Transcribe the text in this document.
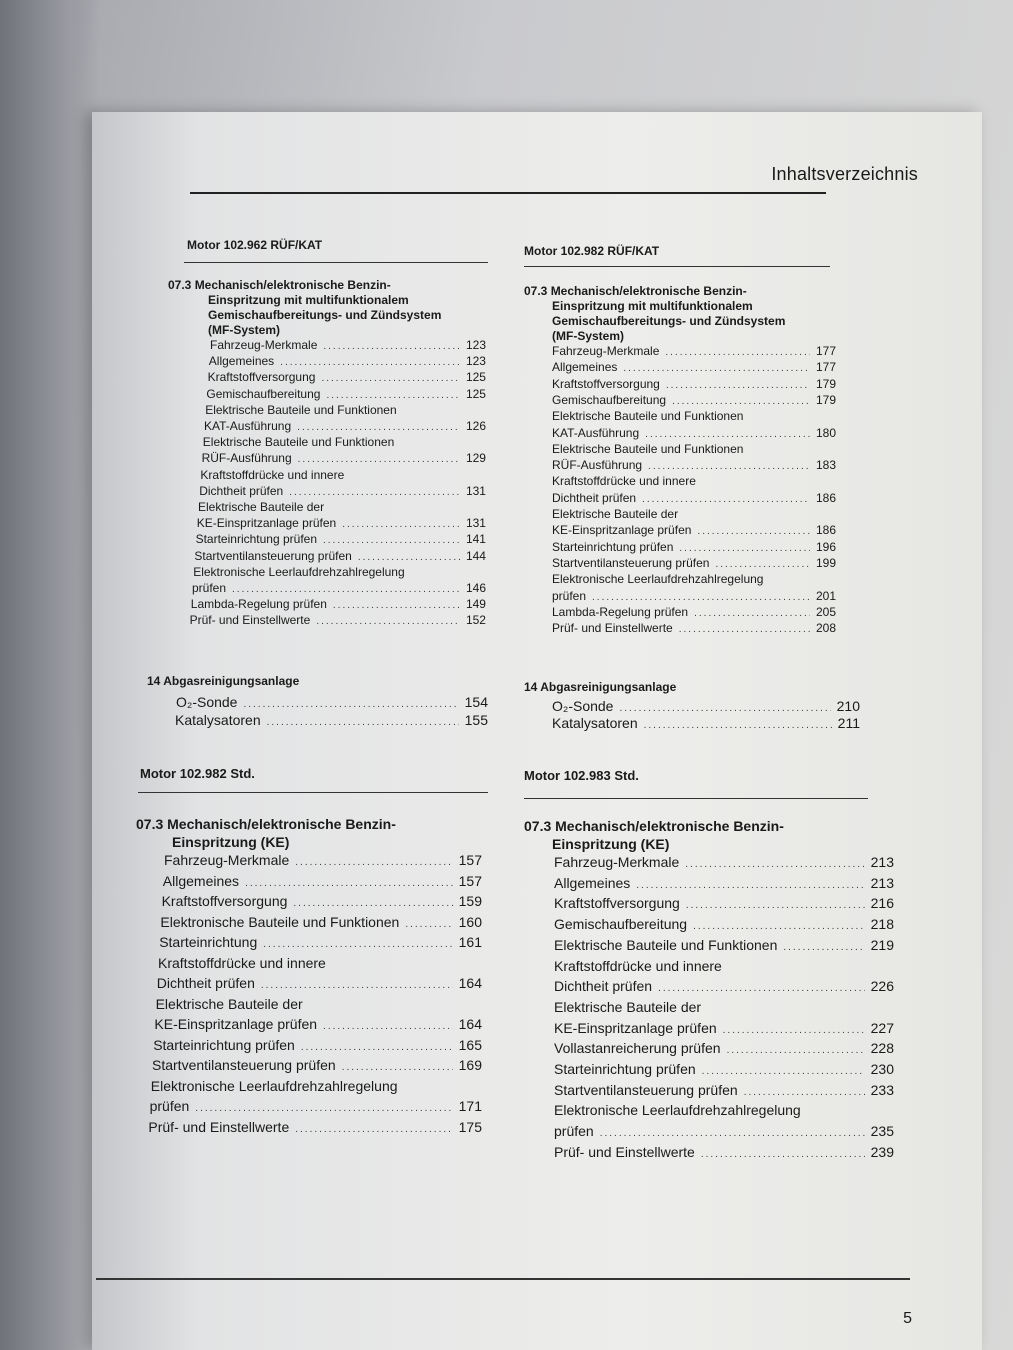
Inhaltsverzeichnis
Motor 102.962 RÜF/KAT
07.3 Mechanisch/elektronische Benzin-
Einspritzung mit multifunktionalem
Gemischaufbereitungs- und Zündsystem
(MF-System)
Fahrzeug-Merkmale .....	123
Allgemeines .....	123
Kraftstoffversorgung .....	125
Gemischaufbereitung .....	125
Elektrische Bauteile und Funktionen
KAT-Ausführung .....	126
Elektrische Bauteile und Funktionen
RÜF-Ausführung .....	129
Kraftstoffdrücke und innere
Dichtheit prüfen .....	131
Elektrische Bauteile der
KE-Einspritzanlage prüfen .....	131
Starteinrichtung prüfen .....	141
Startventilansteuerung prüfen .....	144
Elektronische Leerlaufdrehzahlregelung
prüfen .....	146
Lambda-Regelung prüfen .....	149
Prüf- und Einstellwerte .....	152
14 Abgasreinigungsanlage
O₂-Sonde .....	154
Katalysatoren .....	155
Motor 102.982 Std.
07.3 Mechanisch/elektronische Benzin-
Einspritzung (KE)
Fahrzeug-Merkmale .....	157
Allgemeines .....	157
Kraftstoffversorgung .....	159
Elektronische Bauteile und Funktionen .....	160
Starteinrichtung .....	161
Kraftstoffdrücke und innere
Dichtheit prüfen .....	164
Elektrische Bauteile der
KE-Einspritzanlage prüfen .....	164
Starteinrichtung prüfen .....	165
Startventilansteuerung prüfen .....	169
Elektronische Leerlaufdrehzahlregelung
prüfen .....	171
Prüf- und Einstellwerte .....	175
Motor 102.982 RÜF/KAT
07.3 Mechanisch/elektronische Benzin-
Einspritzung mit multifunktionalem
Gemischaufbereitungs- und Zündsystem
(MF-System)
Fahrzeug-Merkmale .....	177
Allgemeines .....	177
Kraftstoffversorgung .....	179
Gemischaufbereitung .....	179
Elektrische Bauteile und Funktionen
KAT-Ausführung .....	180
Elektrische Bauteile und Funktionen
RÜF-Ausführung .....	183
Kraftstoffdrücke und innere
Dichtheit prüfen .....	186
Elektrische Bauteile der
KE-Einspritzanlage prüfen .....	186
Starteinrichtung prüfen .....	196
Startventilansteuerung prüfen .....	199
Elektronische Leerlaufdrehzahlregelung
prüfen .....	201
Lambda-Regelung prüfen .....	205
Prüf- und Einstellwerte .....	208
14 Abgasreinigungsanlage
O₂-Sonde .....	210
Katalysatoren .....	211
Motor 102.983 Std.
07.3 Mechanisch/elektronische Benzin-
Einspritzung (KE)
Fahrzeug-Merkmale .....	213
Allgemeines .....	213
Kraftstoffversorgung .....	216
Gemischaufbereitung .....	218
Elektrische Bauteile und Funktionen .....	219
Kraftstoffdrücke und innere
Dichtheit prüfen .....	226
Elektrische Bauteile der
KE-Einspritzanlage prüfen .....	227
Vollastanreicherung prüfen .....	228
Starteinrichtung prüfen .....	230
Startventilansteuerung prüfen .....	233
Elektronische Leerlaufdrehzahlregelung
prüfen .....	235
Prüf- und Einstellwerte .....	239
5
